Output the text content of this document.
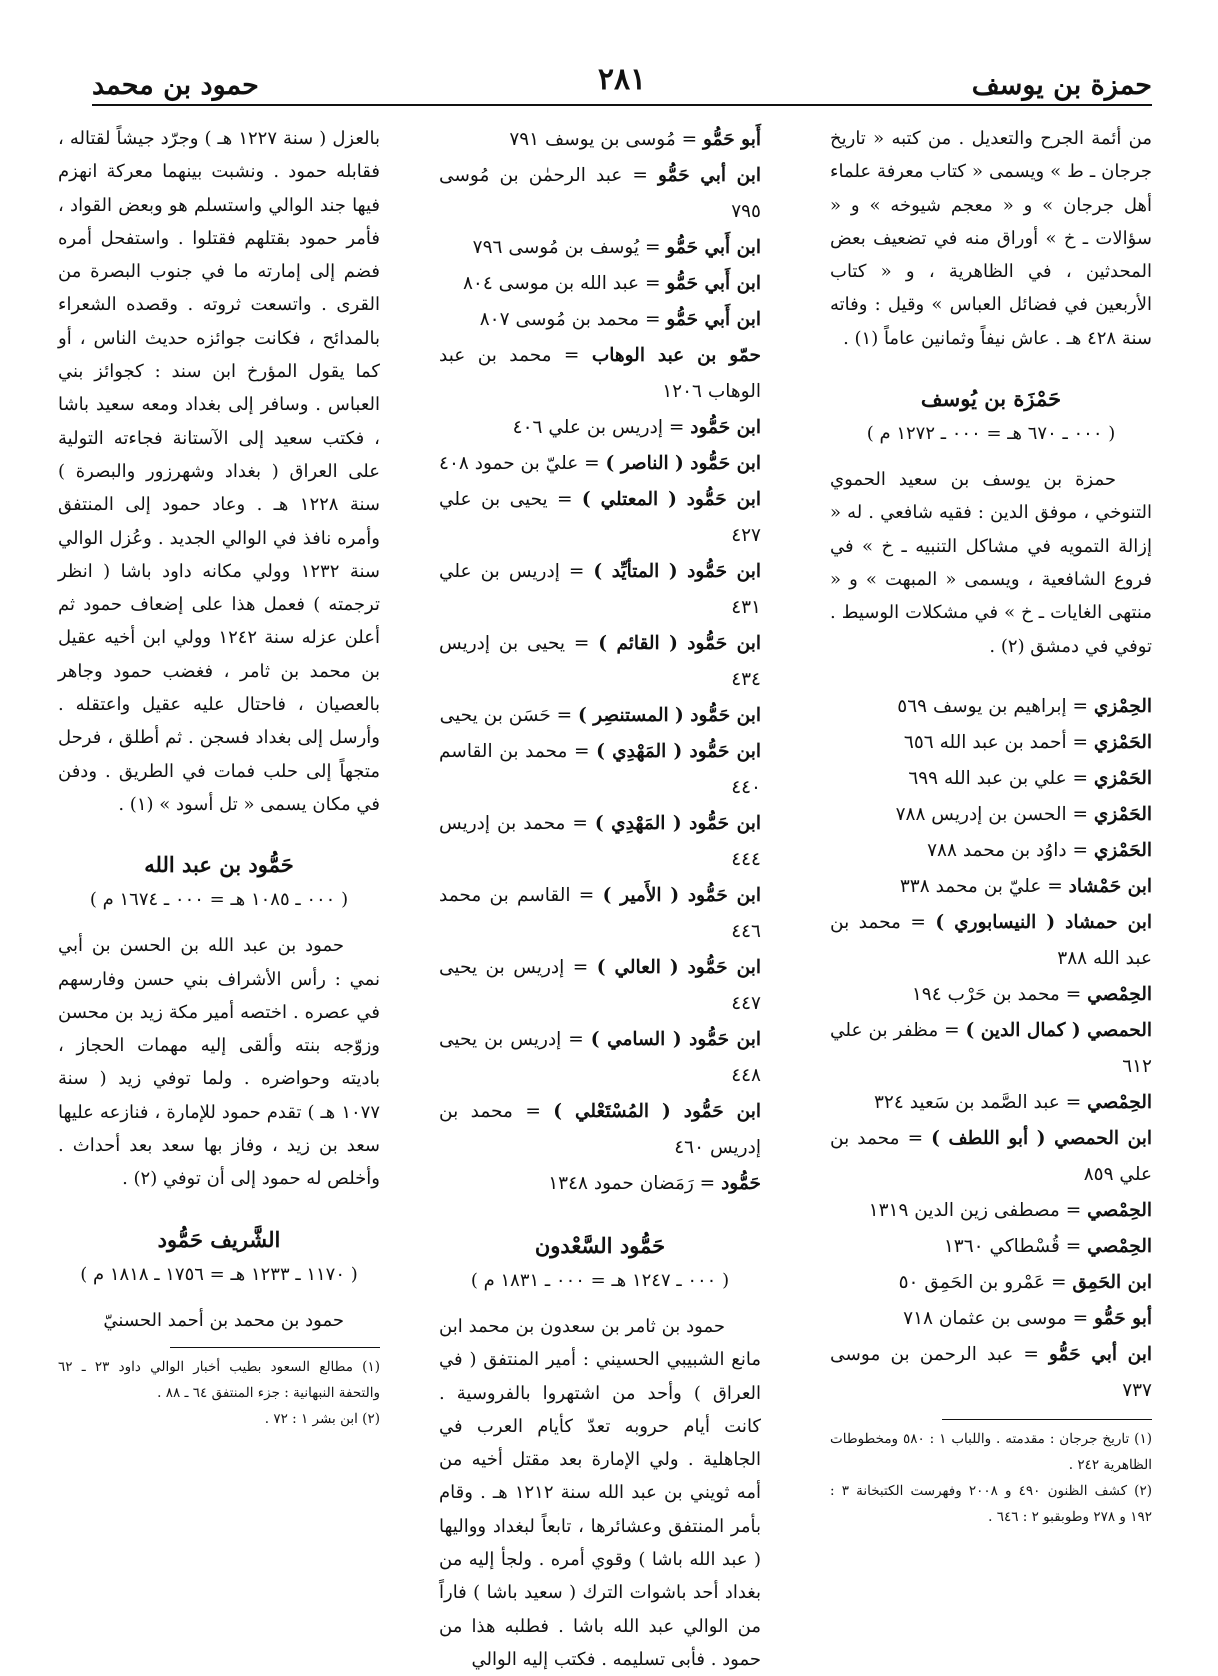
حمزة بن يوسف
٢٨١
حمود بن محمد

من أئمة الجرح والتعديل . من كتبه « تاريخ جرجان ـ ط » ويسمى « كتاب معرفة علماء أهل جرجان » و « معجم شيوخه » و « سؤالات ـ خ » أوراق منه في تضعيف بعض المحدثين ، في الظاهرية ، و « كتاب الأربعين في فضائل العباس » وقيل : وفاته سنة ٤٢٨ هـ . عاش نيفاً وثمانين عاماً (١) .

حَمْزَة بن يُوسف
( ٠٠٠ ـ ٦٧٠ هـ = ٠٠٠ ـ ١٢٧٢ م )

حمزة بن يوسف بن سعيد الحموي التنوخي ، موفق الدين : فقيه شافعي . له « إزالة التمويه في مشاكل التنبيه ـ خ » في فروع الشافعية ، ويسمى « المبهت » و « منتهى الغايات ـ خ » في مشكلات الوسيط . توفي في دمشق (٢) .

الحِمْزي = إبراهيم بن يوسف ٥٦٩

الحَمْزي = أحمد بن عبد الله ٦٥٦

الحَمْزي = علي بن عبد الله ٦٩٩

الحَمْزي = الحسن بن إدريس ٧٨٨

الحَمْزي = داوُد بن محمد ٧٨٨

ابن حَمْشاد = عليّ بن محمد ٣٣٨

ابن حمشاد ( النيسابوري ) = محمد بن عبد الله ٣٨٨

الحِمْصي = محمد بن حَرْب ١٩٤

الحمصي ( كمال الدين ) = مظفر بن علي ٦١٢

الحِمْصي = عبد الصَّمد بن سَعيد ٣٢٤

ابن الحمصي ( أبو اللطف ) = محمد بن علي ٨٥٩

الحِمْصي = مصطفى زين الدين ١٣١٩

الحِمْصي = قُسْطاكي ١٣٦٠

ابن الحَمِق = عَمْرو بن الحَمِق ٥٠

أبو حَمُّو = موسى بن عثمان ٧١٨

ابن أبي حَمُّو = عبد الرحمن بن موسى ٧٣٧

(١) تاريخ جرجان : مقدمته . واللباب ١ : ٥٨٠ ومخطوطات الظاهرية ٢٤٢ .

(٢) كشف الظنون ٤٩٠ و ٢٠٠٨ وفهرست الكتبخانة ٣ : ١٩٢ و ٢٧٨ وطوبقبو ٢ : ٦٤٦ .

أَبو حَمُّو = مُوسى بن يوسف ٧٩١

ابن أبي حَمُّو = عبد الرحمٰن بن مُوسى ٧٩٥

ابن أَبي حَمُّو = يُوسف بن مُوسى ٧٩٦

ابن أَبي حَمُّو = عبد الله بن موسى ٨٠٤

ابن أَبي حَمُّو = محمد بن مُوسى ٨٠٧

حمّو بن عبد الوهاب = محمد بن عبد الوهاب ١٢٠٦

ابن حَمُّود = إدريس بن علي ٤٠٦

ابن حَمُّود ( الناصر ) = عليّ بن حمود ٤٠٨

ابن حَمُّود ( المعتلي ) = يحيى بن علي ٤٢٧

ابن حَمُّود ( المتأيِّد ) = إدريس بن علي ٤٣١

ابن حَمُّود ( القائم ) = يحيى بن إدريس ٤٣٤

ابن حَمُّود ( المستنصِر ) = حَسَن بن يحيى

ابن حَمُّود ( المَهْدِي ) = محمد بن القاسم ٤٤٠

ابن حَمُّود ( المَهْدِي ) = محمد بن إدريس ٤٤٤

ابن حَمُّود ( الأَمير ) = القاسم بن محمد ٤٤٦

ابن حَمُّود ( العالي ) = إدريس بن يحيى ٤٤٧

ابن حَمُّود ( السامي ) = إدريس بن يحيى ٤٤٨

ابن حَمُّود ( المُسْتَعْلي ) = محمد بن إدريس ٤٦٠

حَمُّود = رَمَضان حمود ١٣٤٨

حَمُّود السَّعْدون
( ٠٠٠ ـ ١٢٤٧ هـ = ٠٠٠ ـ ١٨٣١ م )

حمود بن ثامر بن سعدون بن محمد ابن مانع الشبيبي الحسيني : أمير المنتفق ( في العراق ) وأحد من اشتهروا بالفروسية . كانت أيام حروبه تعدّ كأيام العرب في الجاهلية . ولي الإمارة بعد مقتل أخيه من أمه ثويني بن عبد الله سنة ١٢١٢ هـ . وقام بأمر المنتفق وعشائرها ، تابعاً لبغداد وواليها ( عبد الله باشا ) وقوي أمره . ولجأ إليه من بغداد أحد باشوات الترك ( سعيد باشا ) فاراً من الوالي عبد الله باشا . فطلبه هذا من حمود . فأبى تسليمه . فكتب إليه الوالي

بالعزل ( سنة ١٢٢٧ هـ ) وجرّد جيشاً لقتاله ، فقابله حمود . ونشبت بينهما معركة انهزم فيها جند الوالي واستسلم هو وبعض القواد ، فأمر حمود بقتلهم فقتلوا . واستفحل أمره فضم إلى إمارته ما في جنوب البصرة من القرى . واتسعت ثروته . وقصده الشعراء بالمدائح ، فكانت جوائزه حديث الناس ، أو كما يقول المؤرخ ابن سند : كجوائز بني العباس . وسافر إلى بغداد ومعه سعيد باشا ، فكتب سعيد إلى الآستانة فجاءته التولية على العراق ( بغداد وشهرزور والبصرة ) سنة ١٢٢٨ هـ . وعاد حمود إلى المنتفق وأمره نافذ في الوالي الجديد . وعُزل الوالي سنة ١٢٣٢ وولي مكانه داود باشا ( انظر ترجمته ) فعمل هذا على إضعاف حمود ثم أعلن عزله سنة ١٢٤٢ وولي ابن أخيه عقيل بن محمد بن ثامر ، فغضب حمود وجاهر بالعصيان ، فاحتال عليه عقيل واعتقله . وأرسل إلى بغداد فسجن . ثم أطلق ، فرحل متجهاً إلى حلب فمات في الطريق . ودفن في مكان يسمى « تل أسود » (١) .

حَمُّود بن عبد الله
( ٠٠٠ ـ ١٠٨٥ هـ = ٠٠٠ ـ ١٦٧٤ م )

حمود بن عبد الله بن الحسن بن أبي نمي : رأس الأشراف بني حسن وفارسهم في عصره . اختصه أمير مكة زيد بن محسن وزوّجه بنته وألقى إليه مهمات الحجاز ، باديته وحواضره . ولما توفي زيد ( سنة ١٠٧٧ هـ ) تقدم حمود للإمارة ، فنازعه عليها سعد بن زيد ، وفاز بها سعد بعد أحداث . وأخلص له حمود إلى أن توفي (٢) .

الشَّريف حَمُّود
( ١١٧٠ ـ ١٢٣٣ هـ = ١٧٥٦ ـ ١٨١٨ م )

حمود بن محمد بن أحمد الحسنيّ

(١) مطالع السعود بطيب أخبار الوالي داود ٢٣ ـ ٦٢ والتحفة النبهانية : جزء المنتفق ٦٤ ـ ٨٨ .

(٢) ابن بشر ١ : ٧٢ .
